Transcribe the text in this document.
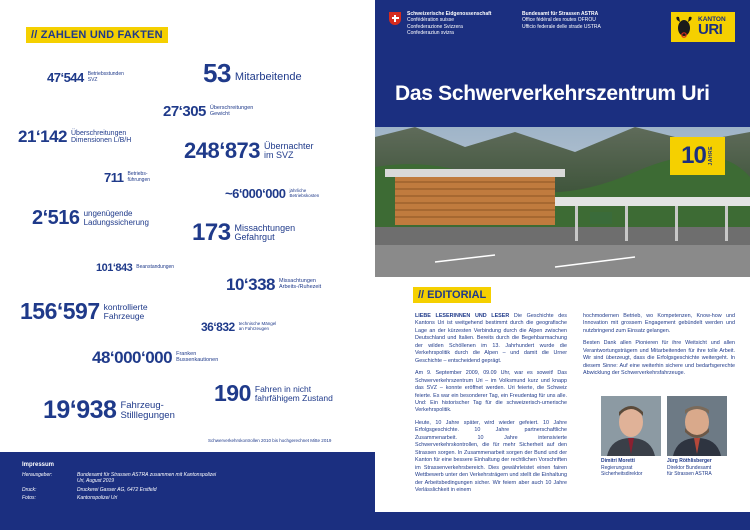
// ZAHLEN UND FAKTEN
47‘544 Betriebsstunden
SVZ	53 Mitarbeitende
27‘305 Überschreitungen
Gewicht
21‘142 Überschreitungen
Dimensionen L/B/H 248‘873 Übernachter
im SVZ
711 Betriebs-
führungen
~6‘000‘000 jährliche
Betriebskosten
2‘516 ungenügende
Ladungssicherung 173 Missachtungen
Gefahrgut
101‘843 Beanstandungen
10‘338 Missachtungen
Arbeits-/Ruhezeit
156‘597 kontrollierte
Fahrzeuge
36‘832 technische Mängel
an Fahrzeugen
48‘000‘000 Franken
Bussenkautionen
190 Fahren in nicht
fahrfähigem Zustand
19‘938 Fahrzeug-
Stilllegungen
Schwerverkehrskontrollen 2010 bis hochgerechnet Mitte 2019
Impressum
Herausgeber:	Bundesamt für Strassen ASTRA zusammen mit Kantonspolizei Uri, August 2019
Druck:	Druckerei Gasser AG, 6472 Erstfeld
Fotos:	Kantonspolizei Uri
Schweizerische Eidgenossenschaft
Confédération suisse
Confederazione Svizzera
Confederaziun svizra
Bundesamt für Strassen ASTRA
Office fédéral des routes OFROU
Ufficio federale delle strade USTRA
KANTON
URI
Das Schwerverkehrszentrum Uri
10 JAHRE
// EDITORIAL

LIEBE LESERINNEN UND LESER Die Geschichte des Kantons Uri ist weitgehend bestimmt durch die geografische Lage an der kürzesten Verbindung durch die Alpen zwischen Deutschland und Italien. Bereits durch die Begehbarmachung der wilden Schöllenen im 13. Jahrhundert wurde die Verkehrspolitik durch die Alpen – und damit die Urner Geschichte – entscheidend geprägt.

Am 9. September 2009, 09.09 Uhr, war es soweit! Das Schwerverkehrszentrum Uri – im Volksmund kurz und knapp das SVZ – konnte eröffnet werden. Uri feierte, die Schweiz feierte. Es war ein besonderer Tag, ein Freudentag für uns alle. Und: Ein historischer Tag für die schweizerisch-urnerische Verkehrspolitik.

Heute, 10 Jahre später, wird wieder gefeiert. 10 Jahre Erfolgsgeschichte. 10 Jahre partnerschaftliche Zusammenarbeit. 10 Jahre intensivierte Schwerverkehrskontrollen, die für mehr Sicherheit auf den Strassen sorgen. In Zusammenarbeit sorgen der Bund und der Kanton für eine bessere Einhaltung der rechtlichen Vorschriften im Strassenverkehrsbereich. Dies gewährleistet einen fairen Wettbewerb unter den Verkehrsträgern und stellt die Einhaltung der Arbeitsbedingungen sicher. Wir feiern aber auch 10 Jahre Verlässlichkeit in einem

hochmodernen Betrieb, wo Kompetenzen, Know-how und Innovation mit grossem Engagement gebündelt werden und nutzbringend zum Einsatz gelangen.

Besten Dank allen Pionieren für ihre Weitsicht und allen Verantwortungsträgern und Mitarbeitenden für ihre tolle Arbeit. Wir sind überzeugt, dass die Erfolgsgeschichte weitergeht. In diesem Sinne: Auf eine weiterhin sichere und bedarfsgerechte Abwicklung der Schwerverkehrsfahrzeuge.

Dimitri Moretti
Regierungsrat
Sicherheitsdirektor
Jürg Röthlisberger
Direktor Bundesamt
für Strassen ASTRA
